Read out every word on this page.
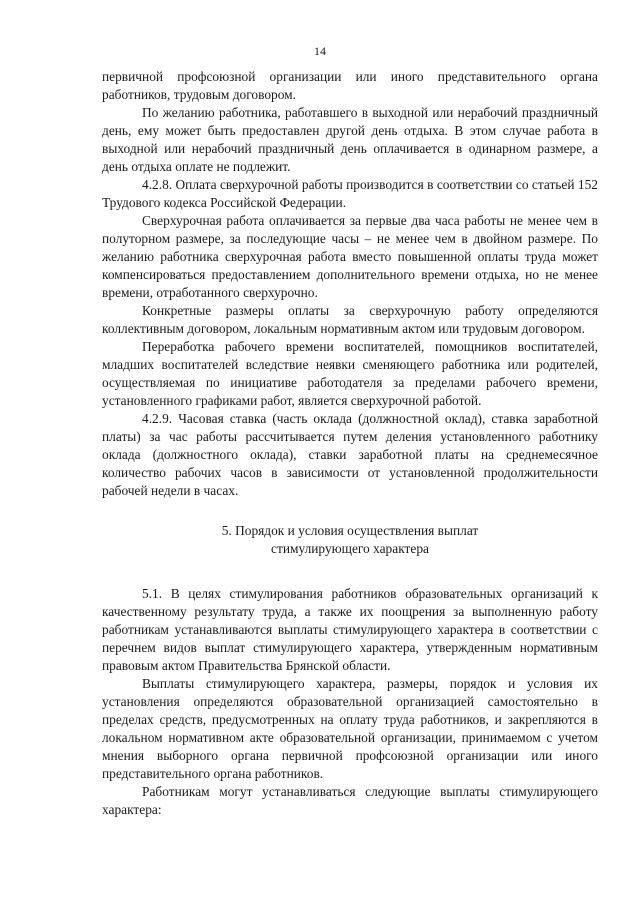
14

первичной профсоюзной организации или иного представительного органа работников, трудовым договором.

По желанию работника, работавшего в выходной или нерабочий праздничный день, ему может быть предоставлен другой день отдыха. В этом случае работа в выходной или нерабочий праздничный день оплачивается в одинарном размере, а день отдыха оплате не подлежит.

4.2.8. Оплата сверхурочной работы производится в соответствии со статьей 152 Трудового кодекса Российской Федерации.

Сверхурочная работа оплачивается за первые два часа работы не менее чем в полуторном размере, за последующие часы – не менее чем в двойном размере. По желанию работника сверхурочная работа вместо повышенной оплаты труда может компенсироваться предоставлением дополнительного времени отдыха, но не менее времени, отработанного сверхурочно.

Конкретные размеры оплаты за сверхурочную работу определяются коллективным договором, локальным нормативным актом или трудовым договором.

Переработка рабочего времени воспитателей, помощников воспитателей, младших воспитателей вследствие неявки сменяющего работника или родителей, осуществляемая по инициативе работодателя за пределами рабочего времени, установленного графиками работ, является сверхурочной работой.

4.2.9. Часовая ставка (часть оклада (должностной оклад), ставка заработной платы) за час работы рассчитывается путем деления установленного работнику оклада (должностного оклада), ставки заработной платы на среднемесячное количество рабочих часов в зависимости от установленной продолжительности рабочей недели в часах.

5. Порядок и условия осуществления выплат
стимулирующего характера

5.1. В целях стимулирования работников образовательных организаций к качественному результату труда, а также их поощрения за выполненную работу работникам устанавливаются выплаты стимулирующего характера в соответствии с перечнем видов выплат стимулирующего характера, утвержденным нормативным правовым актом Правительства Брянской области.

Выплаты стимулирующего характера, размеры, порядок и условия их установления определяются образовательной организацией самостоятельно в пределах средств, предусмотренных на оплату труда работников, и закрепляются в локальном нормативном акте образовательной организации, принимаемом с учетом мнения выборного органа первичной профсоюзной организации или иного представительного органа работников.

Работникам могут устанавливаться следующие выплаты стимулирующего характера:
